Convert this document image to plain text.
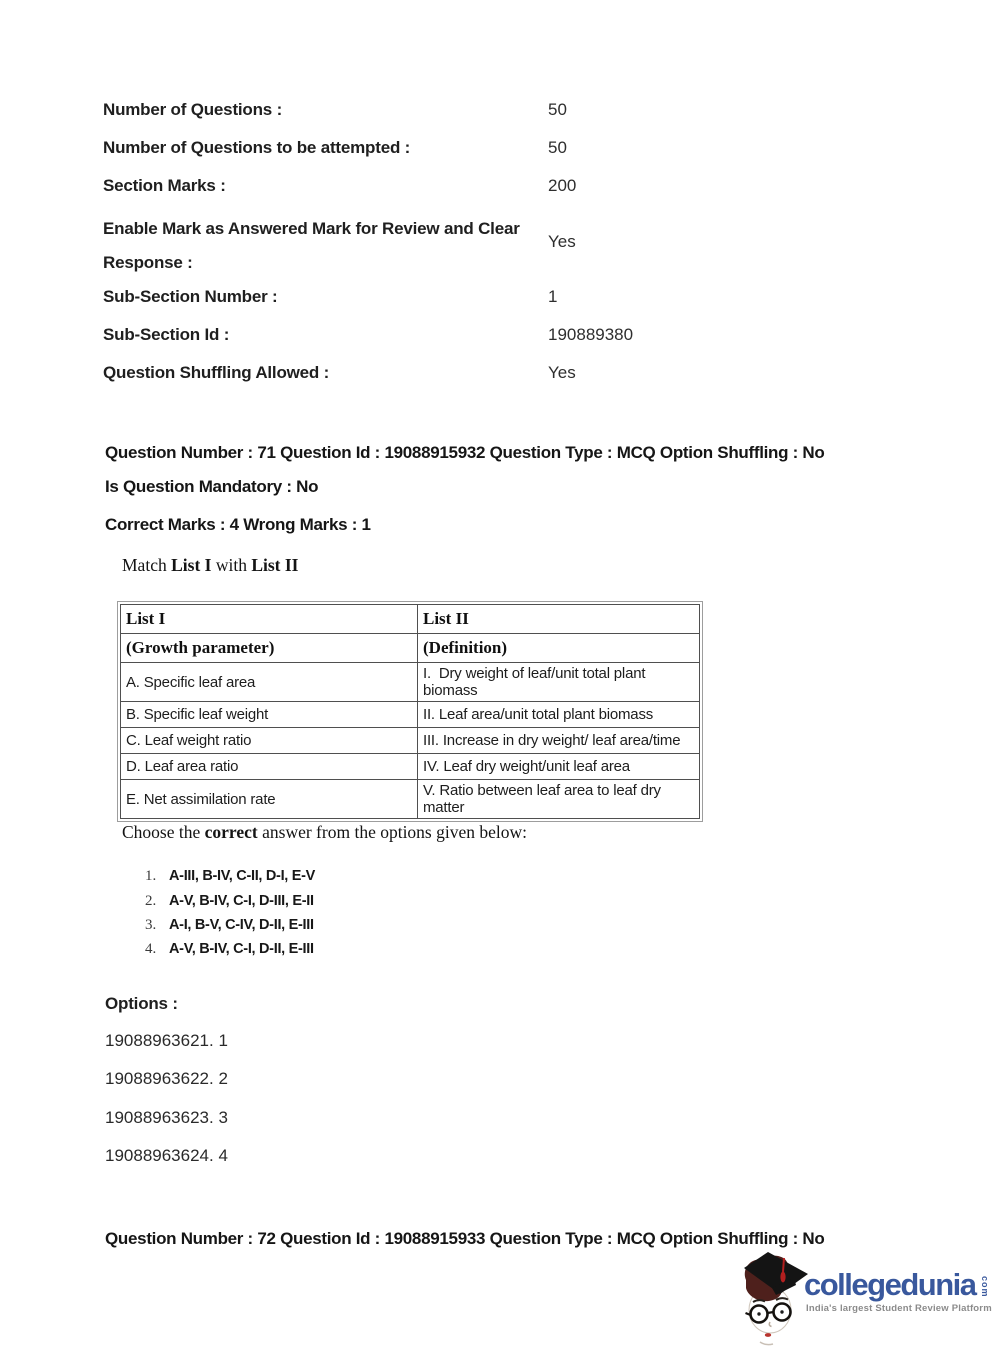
Number of Questions :	50
Number of Questions to be attempted :	50
Section Marks :	200
Enable Mark as Answered Mark for Review and Clear Response :
Yes
Sub-Section Number :	1
Sub-Section Id :	190889380
Question Shuffling Allowed :	Yes
Question Number : 71 Question Id : 19088915932 Question Type : MCQ Option Shuffling : No
Is Question Mandatory : No
Correct Marks : 4 Wrong Marks : 1
Match List I with List II
List I	List II
(Growth parameter)	(Definition)
A. Specific leaf area	I.  Dry weight of leaf/unit total plant biomass
B. Specific leaf weight	II. Leaf area/unit total plant biomass
C. Leaf weight ratio	III. Increase in dry weight/ leaf area/time
D. Leaf area ratio	IV. Leaf dry weight/unit leaf area
E. Net assimilation rate	V. Ratio between leaf area to leaf dry matter
Choose the correct answer from the options given below:
1. A-III, B-IV, C-II, D-I, E-V
2. A-V, B-IV, C-I, D-III, E-II
3. A-I, B-V, C-IV, D-II, E-III
4. A-V, B-IV, C-I, D-II, E-III
Options :
19088963621. 1
19088963622. 2
19088963623. 3
19088963624. 4
Question Number : 72 Question Id : 19088915933 Question Type : MCQ Option Shuffling : No
collegedunia com
India's largest Student Review Platform
